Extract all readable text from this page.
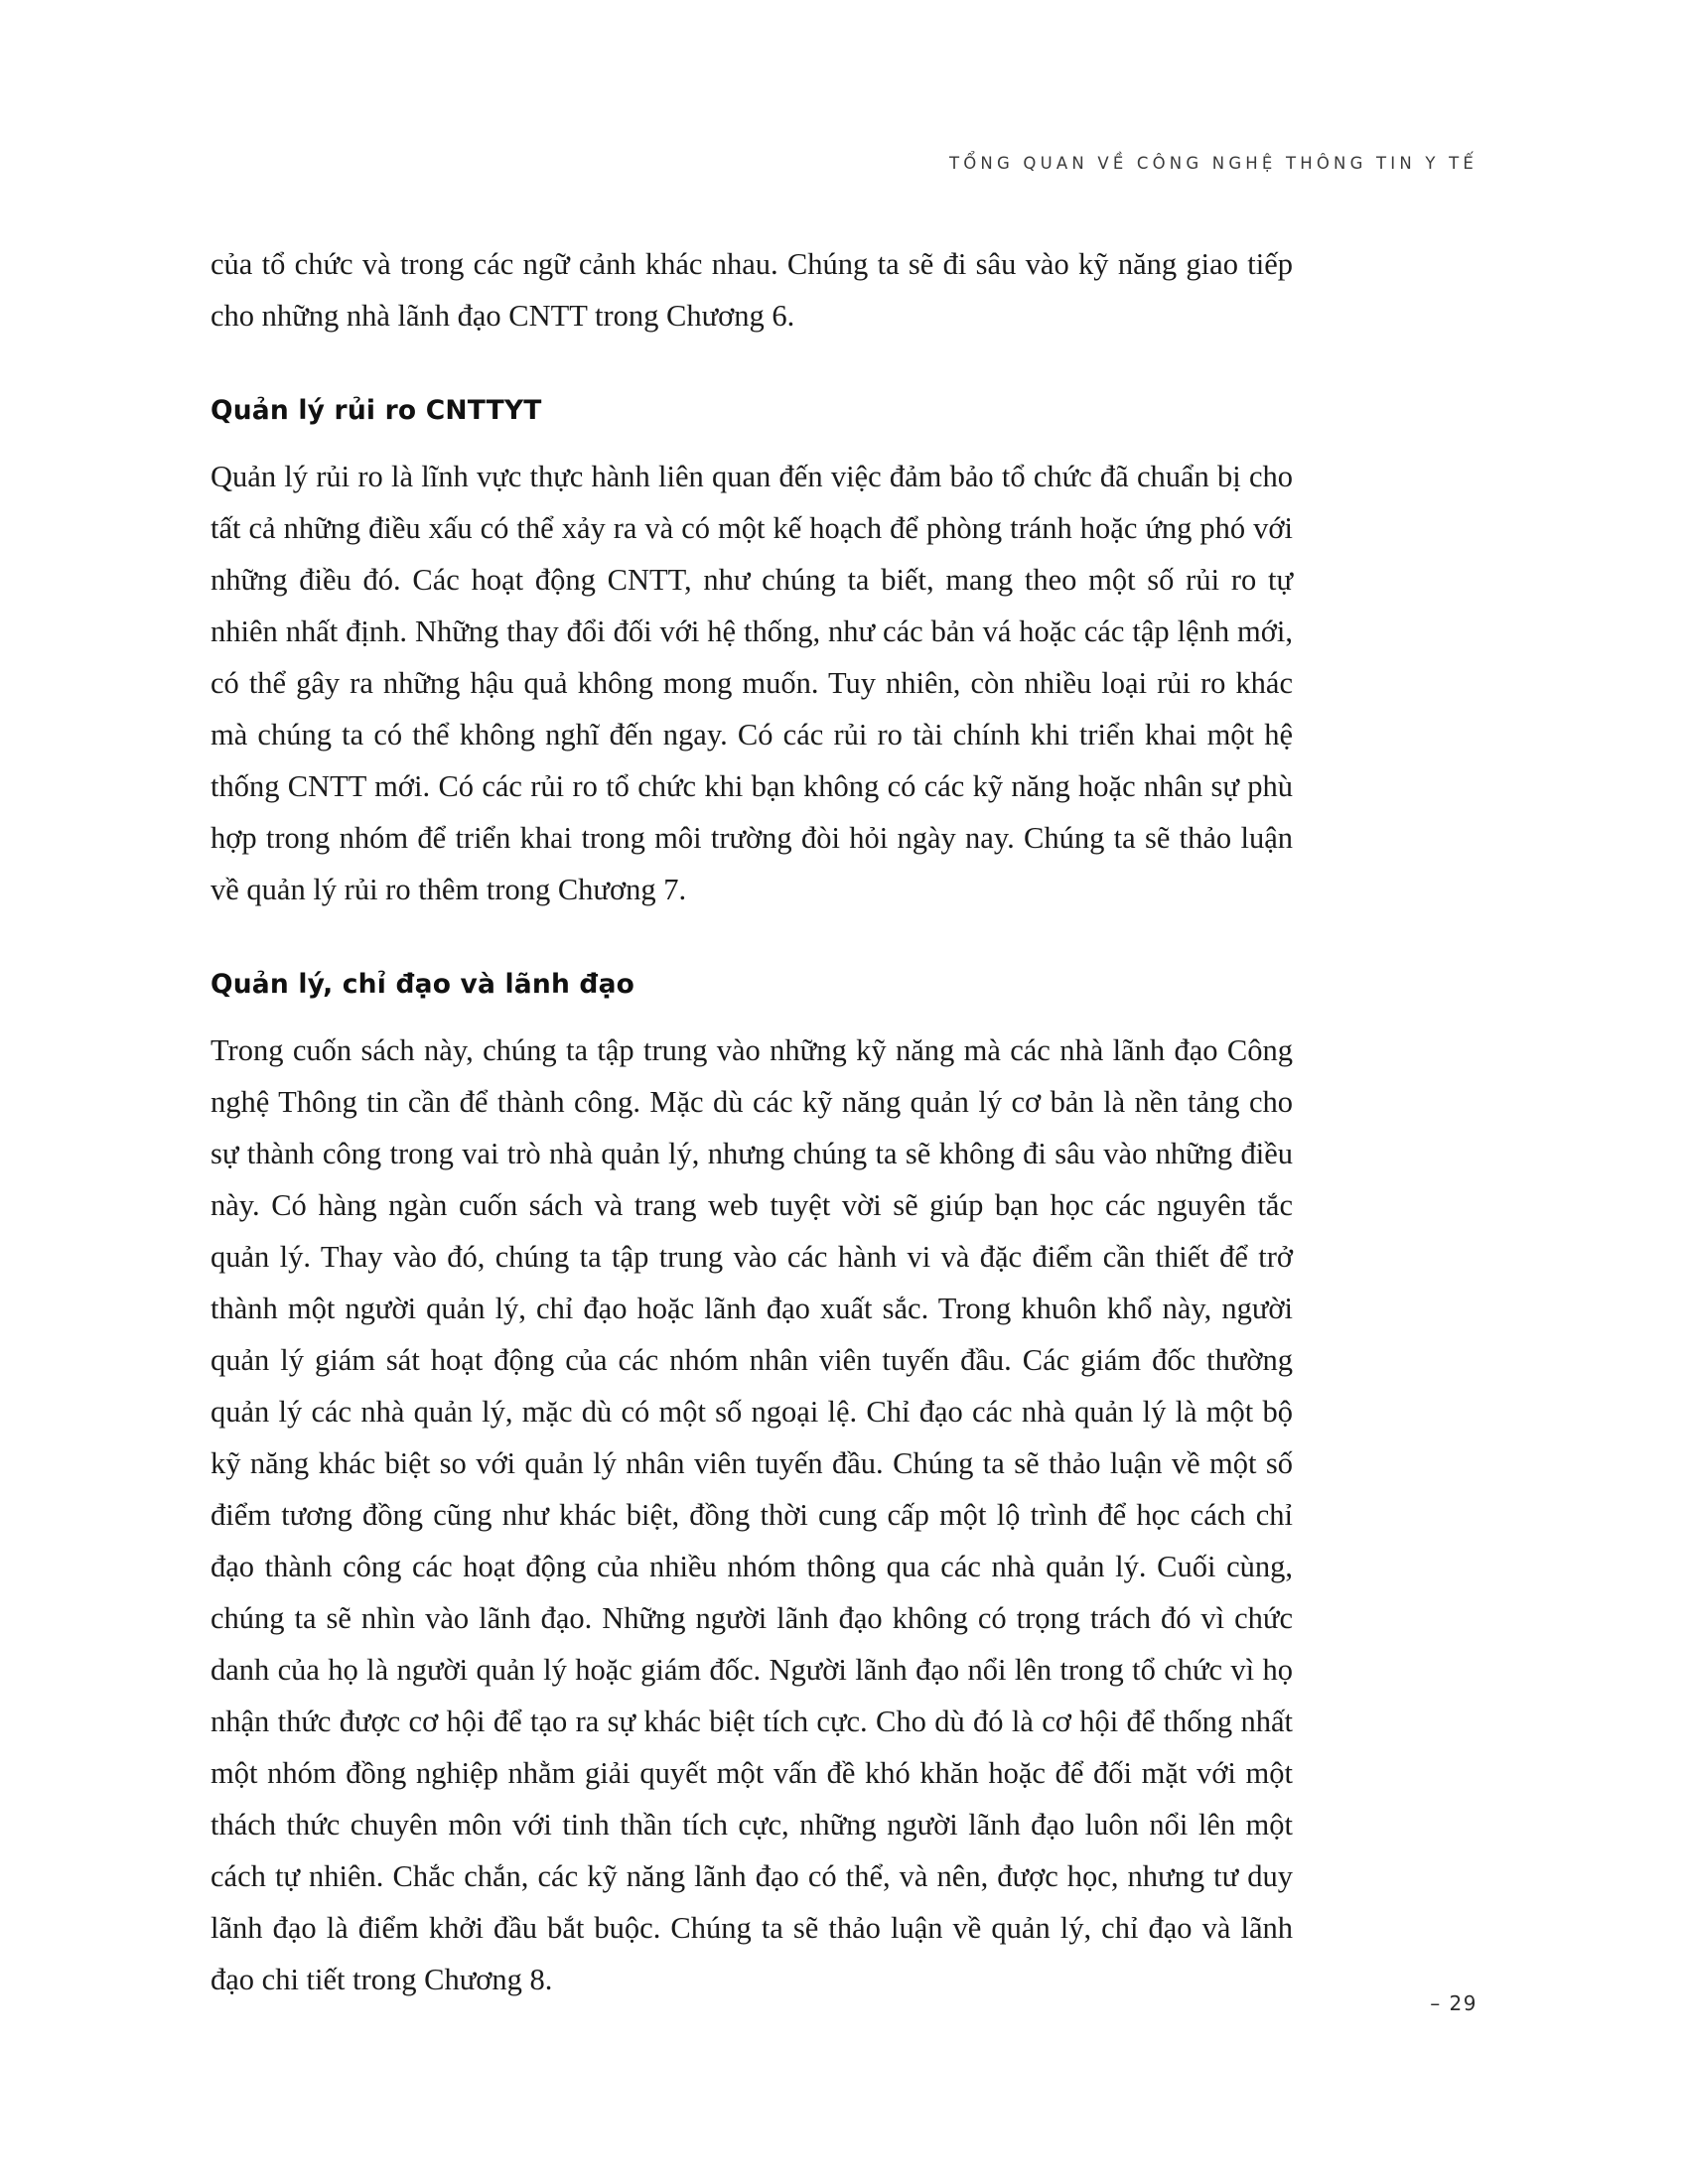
TỔNG QUAN VỀ CÔNG NGHỆ THÔNG TIN Y TẾ

của tổ chức và trong các ngữ cảnh khác nhau. Chúng ta sẽ đi sâu vào kỹ năng giao tiếp cho những nhà lãnh đạo CNTT trong Chương 6.

Quản lý rủi ro CNTTYT

Quản lý rủi ro là lĩnh vực thực hành liên quan đến việc đảm bảo tổ chức đã chuẩn bị cho tất cả những điều xấu có thể xảy ra và có một kế hoạch để phòng tránh hoặc ứng phó với những điều đó. Các hoạt động CNTT, như chúng ta biết, mang theo một số rủi ro tự nhiên nhất định. Những thay đổi đối với hệ thống, như các bản vá hoặc các tập lệnh mới, có thể gây ra những hậu quả không mong muốn. Tuy nhiên, còn nhiều loại rủi ro khác mà chúng ta có thể không nghĩ đến ngay. Có các rủi ro tài chính khi triển khai một hệ thống CNTT mới. Có các rủi ro tổ chức khi bạn không có các kỹ năng hoặc nhân sự phù hợp trong nhóm để triển khai trong môi trường đòi hỏi ngày nay. Chúng ta sẽ thảo luận về quản lý rủi ro thêm trong Chương 7.

Quản lý, chỉ đạo và lãnh đạo

Trong cuốn sách này, chúng ta tập trung vào những kỹ năng mà các nhà lãnh đạo Công nghệ Thông tin cần để thành công. Mặc dù các kỹ năng quản lý cơ bản là nền tảng cho sự thành công trong vai trò nhà quản lý, nhưng chúng ta sẽ không đi sâu vào những điều này. Có hàng ngàn cuốn sách và trang web tuyệt vời sẽ giúp bạn học các nguyên tắc quản lý. Thay vào đó, chúng ta tập trung vào các hành vi và đặc điểm cần thiết để trở thành một người quản lý, chỉ đạo hoặc lãnh đạo xuất sắc. Trong khuôn khổ này, người quản lý giám sát hoạt động của các nhóm nhân viên tuyến đầu. Các giám đốc thường quản lý các nhà quản lý, mặc dù có một số ngoại lệ. Chỉ đạo các nhà quản lý là một bộ kỹ năng khác biệt so với quản lý nhân viên tuyến đầu. Chúng ta sẽ thảo luận về một số điểm tương đồng cũng như khác biệt, đồng thời cung cấp một lộ trình để học cách chỉ đạo thành công các hoạt động của nhiều nhóm thông qua các nhà quản lý. Cuối cùng, chúng ta sẽ nhìn vào lãnh đạo. Những người lãnh đạo không có trọng trách đó vì chức danh của họ là người quản lý hoặc giám đốc. Người lãnh đạo nổi lên trong tổ chức vì họ nhận thức được cơ hội để tạo ra sự khác biệt tích cực. Cho dù đó là cơ hội để thống nhất một nhóm đồng nghiệp nhằm giải quyết một vấn đề khó khăn hoặc để đối mặt với một thách thức chuyên môn với tinh thần tích cực, những người lãnh đạo luôn nổi lên một cách tự nhiên. Chắc chắn, các kỹ năng lãnh đạo có thể, và nên, được học, nhưng tư duy lãnh đạo là điểm khởi đầu bắt buộc. Chúng ta sẽ thảo luận về quản lý, chỉ đạo và lãnh đạo chi tiết trong Chương 8.

– 29
